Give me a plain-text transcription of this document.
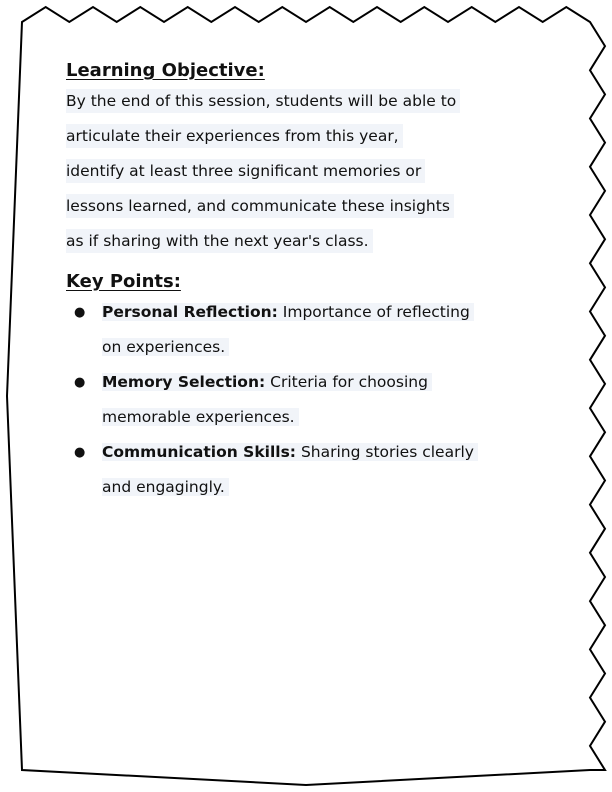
Learning Objective:

By the end of this session, students will be able to
articulate their experiences from this year,
identify at least three significant memories or
lessons learned, and communicate these insights
as if sharing with the next year's class.

Key Points:
● Personal Reflection: Importance of reflecting
on experiences.
● Memory Selection: Criteria for choosing
memorable experiences.
● Communication Skills: Sharing stories clearly
and engagingly.
